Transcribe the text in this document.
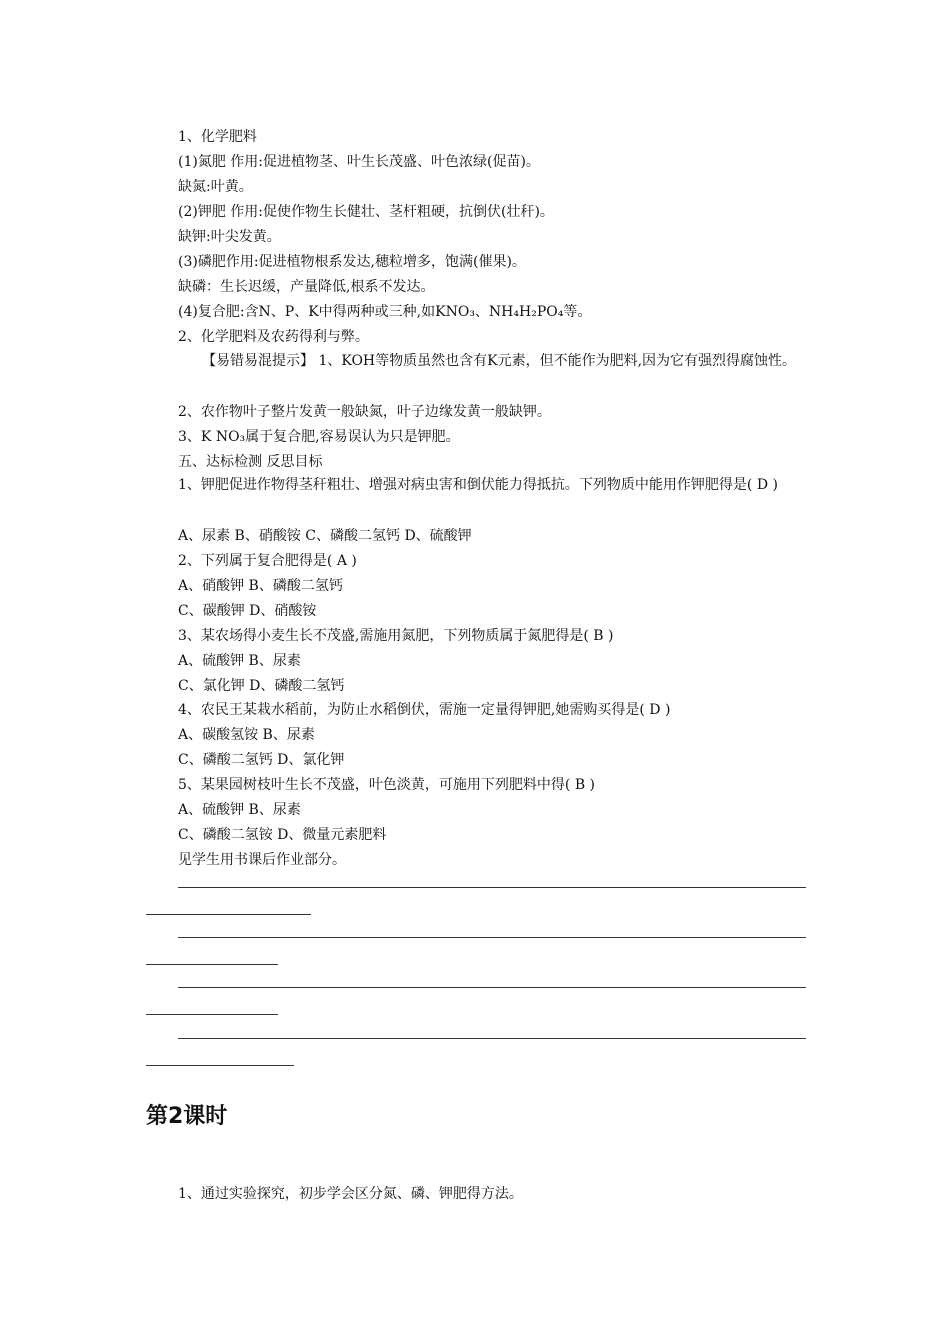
1、化学肥料
(1)氮肥 作用:促进植物茎、叶生长茂盛、叶色浓绿(促苗)。
缺氮:叶黄。
(2)钾肥 作用:促使作物生长健壮、茎杆粗硬，抗倒伏(壮秆)。
缺钾:叶尖发黄。
(3)磷肥作用:促进植物根系发达,穗粒增多，饱满(催果)。
缺磷：生长迟缓，产量降低,根系不发达。
(4)复合肥:含N、P、K中得两种或三种,如KNO₃、NH₄H₂PO₄等。
2、化学肥料及农药得利与弊。
【易错易混提示】 1、KOH等物质虽然也含有K元素，但不能作为肥料,因为它有强烈得腐蚀性。
2、农作物叶子整片发黄一般缺氮，叶子边缘发黄一般缺钾。
3、K NO₃属于复合肥,容易误认为只是钾肥。
五、达标检测 反思目标
1、钾肥促进作物得茎秆粗壮、增强对病虫害和倒伏能力得抵抗。下列物质中能用作钾肥得是( D )
A、尿素 B、硝酸铵 C、磷酸二氢钙 D、硫酸钾
2、下列属于复合肥得是( A )
A、硝酸钾 B、磷酸二氢钙
C、碳酸钾 D、硝酸铵
3、某农场得小麦生长不茂盛,需施用氮肥，下列物质属于氮肥得是( B )
A、硫酸钾 B、尿素
C、氯化钾 D、磷酸二氢钙
4、农民王某栽水稻前，为防止水稻倒伏，需施一定量得钾肥,她需购买得是( D )
A、碳酸氢铵 B、尿素
C、磷酸二氢钙 D、氯化钾
5、某果园树枝叶生长不茂盛，叶色淡黄，可施用下列肥料中得( B )
A、硫酸钾 B、尿素
C、磷酸二氢铵 D、微量元素肥料
见学生用书课后作业部分。
第2课时
1、通过实验探究，初步学会区分氮、磷、钾肥得方法。
